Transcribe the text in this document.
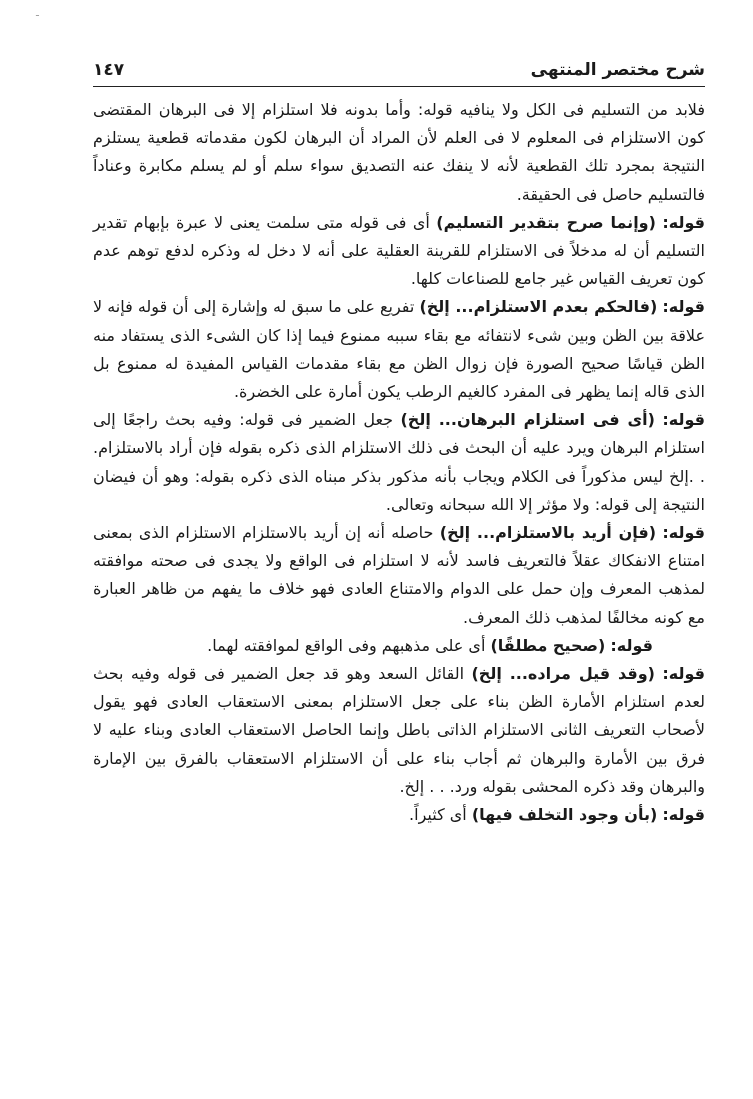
ـ
شرح مختصر المنتهى
١٤٧

فلابد من التسليم فى الكل ولا ينافيه قوله: وأما بدونه فلا استلزام إلا فى البرهان المقتضى كون الاستلزام فى المعلوم لا فى العلم لأن المراد أن البرهان لكون مقدماته قطعية يستلزم النتيجة بمجرد تلك القطعية لأنه لا ينفك عنه التصديق سواء سلم أو لم يسلم مكابرة وعناداً فالتسليم حاصل فى الحقيقة.

قوله: (وإنما صرح بتقدير التسليم) أى فى قوله متى سلمت يعنى لا عبرة بإبهام تقدير التسليم أن له مدخلاً فى الاستلزام للقرينة العقلية على أنه لا دخل له وذكره لدفع توهم عدم كون تعريف القياس غير جامع للصناعات كلها.

قوله: (فالحكم بعدم الاستلزام... إلخ) تفريع على ما سبق له وإشارة إلى أن قوله فإنه لا علاقة بين الظن وبين شىء لانتفائه مع بقاء سببه ممنوع فيما إذا كان الشىء الذى يستفاد منه الظن قياسًا صحيح الصورة فإن زوال الظن مع بقاء مقدمات القياس المفيدة له ممنوع بل الذى قاله إنما يظهر فى المفرد كالغيم الرطب يكون أمارة على الخضرة.

قوله: (أى فى استلزام البرهان... إلخ) جعل الضمير فى قوله: وفيه بحث راجعًا إلى استلزام البرهان ويرد عليه أن البحث فى ذلك الاستلزام الذى ذكره بقوله فإن أراد بالاستلزام. . .إلخ ليس مذكوراً فى الكلام ويجاب بأنه مذكور بذكر مبناه الذى ذكره بقوله: وهو أن فيضان النتيجة إلى قوله: ولا مؤثر إلا الله سبحانه وتعالى.

قوله: (فإن أريد بالاستلزام... إلخ) حاصله أنه إن أريد بالاستلزام الاستلزام الذى بمعنى امتناع الانفكاك عقلاً فالتعريف فاسد لأنه لا استلزام فى الواقع ولا يجدى فى صحته موافقته لمذهب المعرف وإن حمل على الدوام والامتناع العادى فهو خلاف ما يفهم من ظاهر العبارة مع كونه مخالفًا لمذهب ذلك المعرف.

قوله: (صحيح مطلقًا) أى على مذهبهم وفى الواقع لموافقته لهما.

قوله: (وقد قيل مراده... إلخ) القائل السعد وهو قد جعل الضمير فى قوله وفيه بحث لعدم استلزام الأمارة الظن بناء على جعل الاستلزام بمعنى الاستعقاب العادى فهو يقول لأصحاب التعريف الثانى الاستلزام الذاتى باطل وإنما الحاصل الاستعقاب العادى وبناء عليه لا فرق بين الأمارة والبرهان ثم أجاب بناء على أن الاستلزام الاستعقاب بالفرق بين الإمارة والبرهان وقد ذكره المحشى بقوله ورد. . . إلخ.

قوله: (بأن وجود التخلف فيها) أى كثيراً.
